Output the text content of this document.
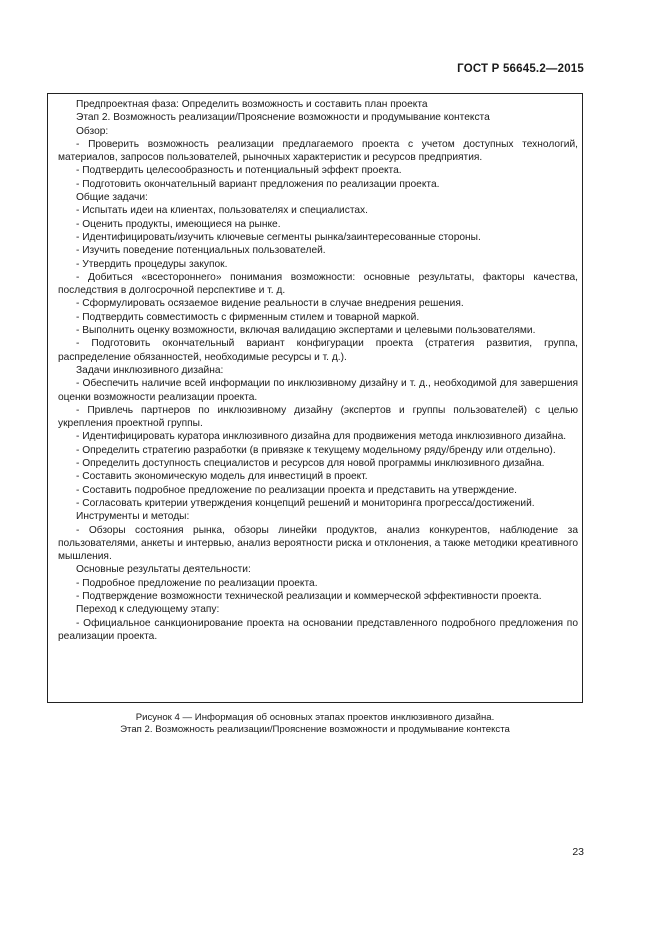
ГОСТ Р 56645.2—2015

Предпроектная фаза: Определить возможность и составить план проекта

Этап 2. Возможность реализации/Прояснение возможности и продумывание контекста

Обзор:

- Проверить возможность реализации предлагаемого проекта с учетом доступных технологий, материалов, запросов пользователей, рыночных характеристик и ресурсов предприятия.

- Подтвердить целесообразность и потенциальный эффект проекта.

- Подготовить окончательный вариант предложения по реализации проекта.

Общие задачи:

- Испытать идеи на клиентах, пользователях и специалистах.

- Оценить продукты, имеющиеся на рынке.

- Идентифицировать/изучить ключевые сегменты рынка/заинтересованные стороны.

- Изучить поведение потенциальных пользователей.

- Утвердить процедуры закупок.

- Добиться «всестороннего» понимания возможности: основные результаты, факторы качества, последствия в долгосрочной перспективе и т. д.

- Сформулировать осязаемое видение реальности в случае внедрения решения.

- Подтвердить совместимость с фирменным стилем и товарной маркой.

- Выполнить оценку возможности, включая валидацию экспертами и целевыми пользователями.

- Подготовить окончательный вариант конфигурации проекта (стратегия развития, группа, распределение обязанностей, необходимые ресурсы и т. д.).

Задачи инклюзивного дизайна:

- Обеспечить наличие всей информации по инклюзивному дизайну и т. д., необходимой для завершения оценки возможности реализации проекта.

- Привлечь партнеров по инклюзивному дизайну (экспертов и группы пользователей) с целью укрепления проектной группы.

- Идентифицировать куратора инклюзивного дизайна для продвижения метода инклюзивного дизайна.

- Определить стратегию разработки (в привязке к текущему модельному ряду/бренду или отдельно).

- Определить доступность специалистов и ресурсов для новой программы инклюзивного дизайна.

- Составить экономическую модель для инвестиций в проект.

- Составить подробное предложение по реализации проекта и представить на утверждение.

- Согласовать критерии утверждения концепций решений и мониторинга прогресса/достижений.

Инструменты и методы:

- Обзоры состояния рынка, обзоры линейки продуктов, анализ конкурентов, наблюдение за пользователями, анкеты и интервью, анализ вероятности риска и отклонения, а также методики креативного мышления.

Основные результаты деятельности:

- Подробное предложение по реализации проекта.

- Подтверждение возможности технической реализации и коммерческой эффективности проекта.

Переход к следующему этапу:

- Официальное санкционирование проекта на основании представленного подробного предложения по реализации проекта.

Рисунок 4 — Информация об основных этапах проектов инклюзивного дизайна.
Этап 2. Возможность реализации/Прояснение возможности и продумывание контекста
23
